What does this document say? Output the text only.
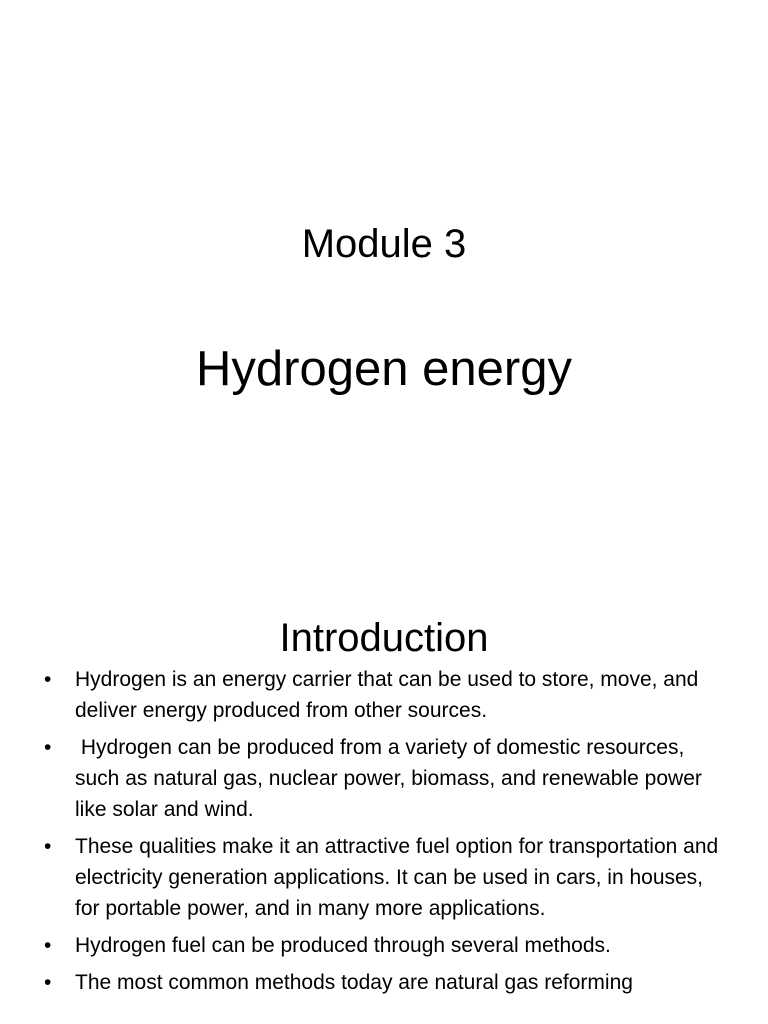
Module 3
Hydrogen energy
Introduction
• Hydrogen is an energy carrier that can be used to store, move, and deliver energy produced from other sources.
• Hydrogen can be produced from a variety of domestic resources, such as natural gas, nuclear power, biomass, and renewable power like solar and wind.
• These qualities make it an attractive fuel option for transportation and electricity generation applications. It can be used in cars, in houses, for portable power, and in many more applications.
• Hydrogen fuel can be produced through several methods.
• The most common methods today are natural gas reforming
